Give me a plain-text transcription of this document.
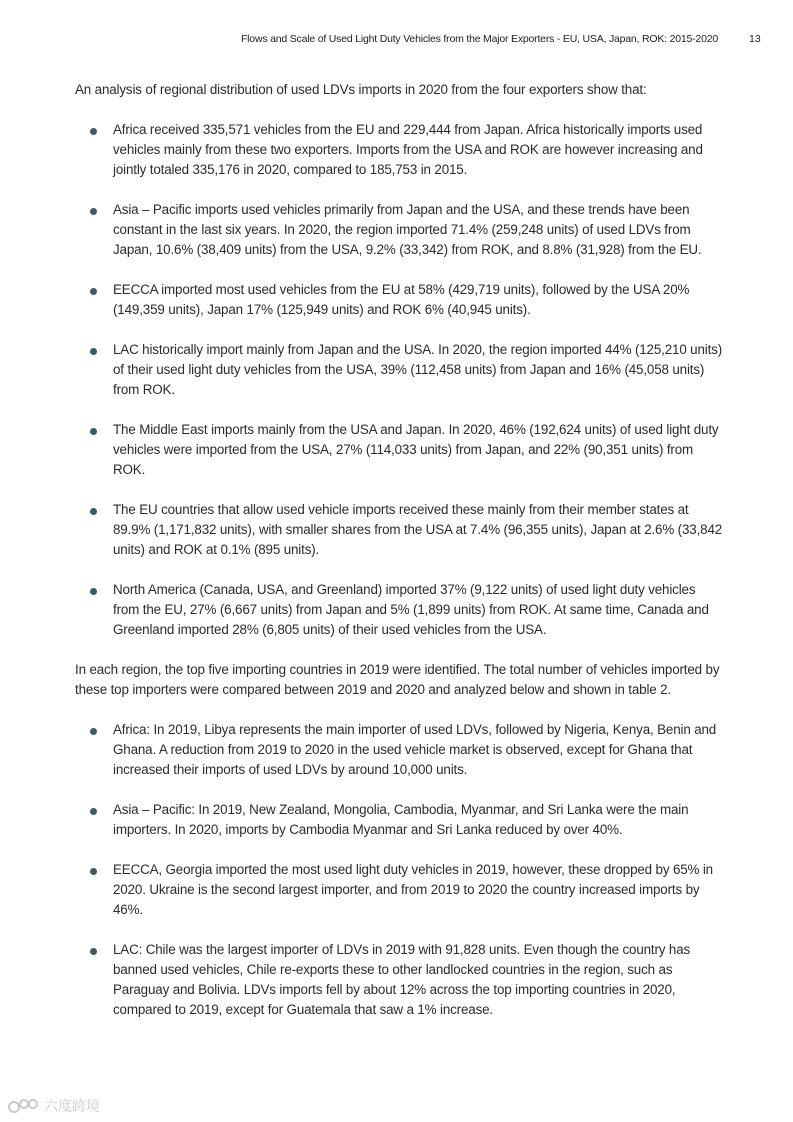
Flows and Scale of Used Light Duty Vehicles from the Major Exporters - EU, USA, Japan, ROK: 2015-2020	13

An analysis of regional distribution of used LDVs imports in 2020 from the four exporters show that:

Africa received 335,571 vehicles from the EU and 229,444 from Japan. Africa historically imports used vehicles mainly from these two exporters. Imports from the USA and ROK are however increasing and jointly totaled 335,176 in 2020, compared to 185,753 in 2015.
Asia – Pacific imports used vehicles primarily from Japan and the USA, and these trends have been constant in the last six years. In 2020, the region imported 71.4% (259,248 units) of used LDVs from Japan, 10.6% (38,409 units) from the USA, 9.2% (33,342) from ROK, and 8.8% (31,928) from the EU.
EECCA imported most used vehicles from the EU at 58% (429,719 units), followed by the USA 20% (149,359 units), Japan 17% (125,949 units) and ROK 6% (40,945 units).
LAC historically import mainly from Japan and the USA. In 2020, the region imported 44% (125,210 units) of their used light duty vehicles from the USA, 39% (112,458 units) from Japan and 16% (45,058 units) from ROK.
The Middle East imports mainly from the USA and Japan. In 2020, 46% (192,624 units) of used light duty vehicles were imported from the USA, 27% (114,033 units) from Japan, and 22% (90,351 units) from ROK.
The EU countries that allow used vehicle imports received these mainly from their member states at 89.9% (1,171,832 units), with smaller shares from the USA at 7.4% (96,355 units), Japan at 2.6% (33,842 units) and ROK at 0.1% (895 units).
North America (Canada, USA, and Greenland) imported 37% (9,122 units) of used light duty vehicles from the EU, 27% (6,667 units) from Japan and 5% (1,899 units) from ROK. At same time, Canada and Greenland imported 28% (6,805 units) of their used vehicles from the USA.

In each region, the top five importing countries in 2019 were identified. The total number of vehicles imported by these top importers were compared between 2019 and 2020 and analyzed below and shown in table 2.

Africa: In 2019, Libya represents the main importer of used LDVs, followed by Nigeria, Kenya, Benin and Ghana. A reduction from 2019 to 2020 in the used vehicle market is observed, except for Ghana that increased their imports of used LDVs by around 10,000 units.
Asia – Pacific: In 2019, New Zealand, Mongolia, Cambodia, Myanmar, and Sri Lanka were the main importers. In 2020, imports by Cambodia Myanmar and Sri Lanka reduced by over 40%.
EECCA, Georgia imported the most used light duty vehicles in 2019, however, these dropped by 65% in 2020. Ukraine is the second largest importer, and from 2019 to 2020 the country increased imports by 46%.
LAC: Chile was the largest importer of LDVs in 2019 with 91,828 units. Even though the country has banned used vehicles, Chile re-exports these to other landlocked countries in the region, such as Paraguay and Bolivia. LDVs imports fell by about 12% across the top importing countries in 2020, compared to 2019, except for Guatemala that saw a 1% increase.
六度跨境
